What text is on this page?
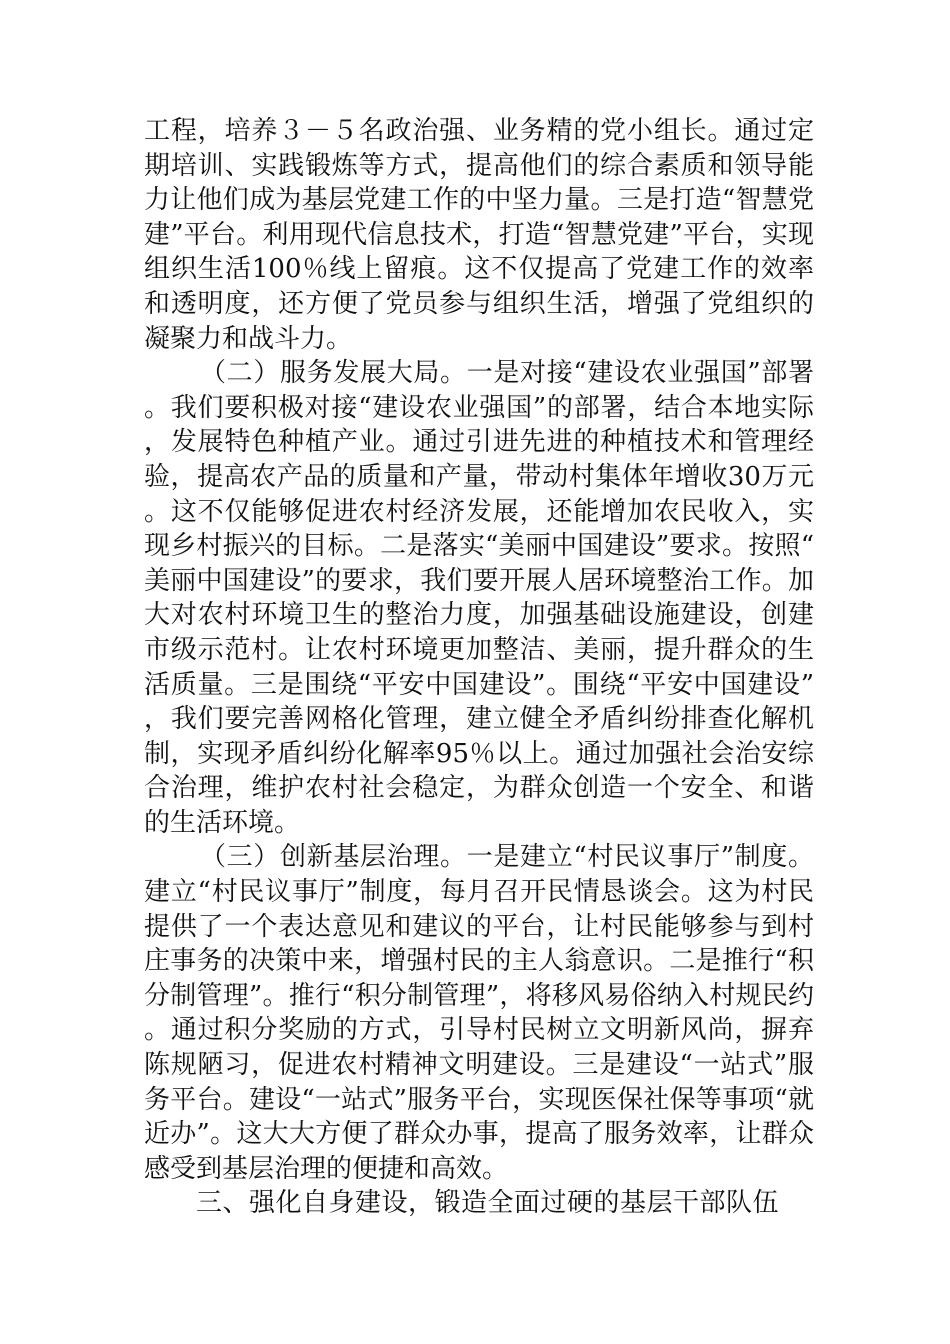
工程，培养３－５名政治强、业务精的党小组长。通过定期培训、实践锻炼等方式，提高他们的综合素质和领导能力让他们成为基层党建工作的中坚力量。三是打造“智慧党建”平台。利用现代信息技术，打造“智慧党建”平台，实现组织生活100％线上留痕。这不仅提高了党建工作的效率和透明度，还方便了党员参与组织生活，增强了党组织的凝聚力和战斗力。

（二）服务发展大局。一是对接“建设农业强国”部署。我们要积极对接“建设农业强国”的部署，结合本地实际，发展特色种植产业。通过引进先进的种植技术和管理经验，提高农产品的质量和产量，带动村集体年增收30万元。这不仅能够促进农村经济发展，还能增加农民收入，实现乡村振兴的目标。二是落实“美丽中国建设”要求。按照“美丽中国建设”的要求，我们要开展人居环境整治工作。加大对农村环境卫生的整治力度，加强基础设施建设，创建市级示范村。让农村环境更加整洁、美丽，提升群众的生活质量。三是围绕“平安中国建设”。围绕“平安中国建设”，我们要完善网格化管理，建立健全矛盾纠纷排查化解机制，实现矛盾纠纷化解率95％以上。通过加强社会治安综合治理，维护农村社会稳定，为群众创造一个安全、和谐的生活环境。

（三）创新基层治理。一是建立“村民议事厅”制度。建立“村民议事厅”制度，每月召开民情恳谈会。这为村民提供了一个表达意见和建议的平台，让村民能够参与到村庄事务的决策中来，增强村民的主人翁意识。二是推行“积分制管理”。推行“积分制管理”，将移风易俗纳入村规民约。通过积分奖励的方式，引导村民树立文明新风尚，摒弃陈规陋习，促进农村精神文明建设。三是建设“一站式”服务平台。建设“一站式”服务平台，实现医保社保等事项“就近办”。这大大方便了群众办事，提高了服务效率，让群众感受到基层治理的便捷和高效。

三、强化自身建设，锻造全面过硬的基层干部队伍
